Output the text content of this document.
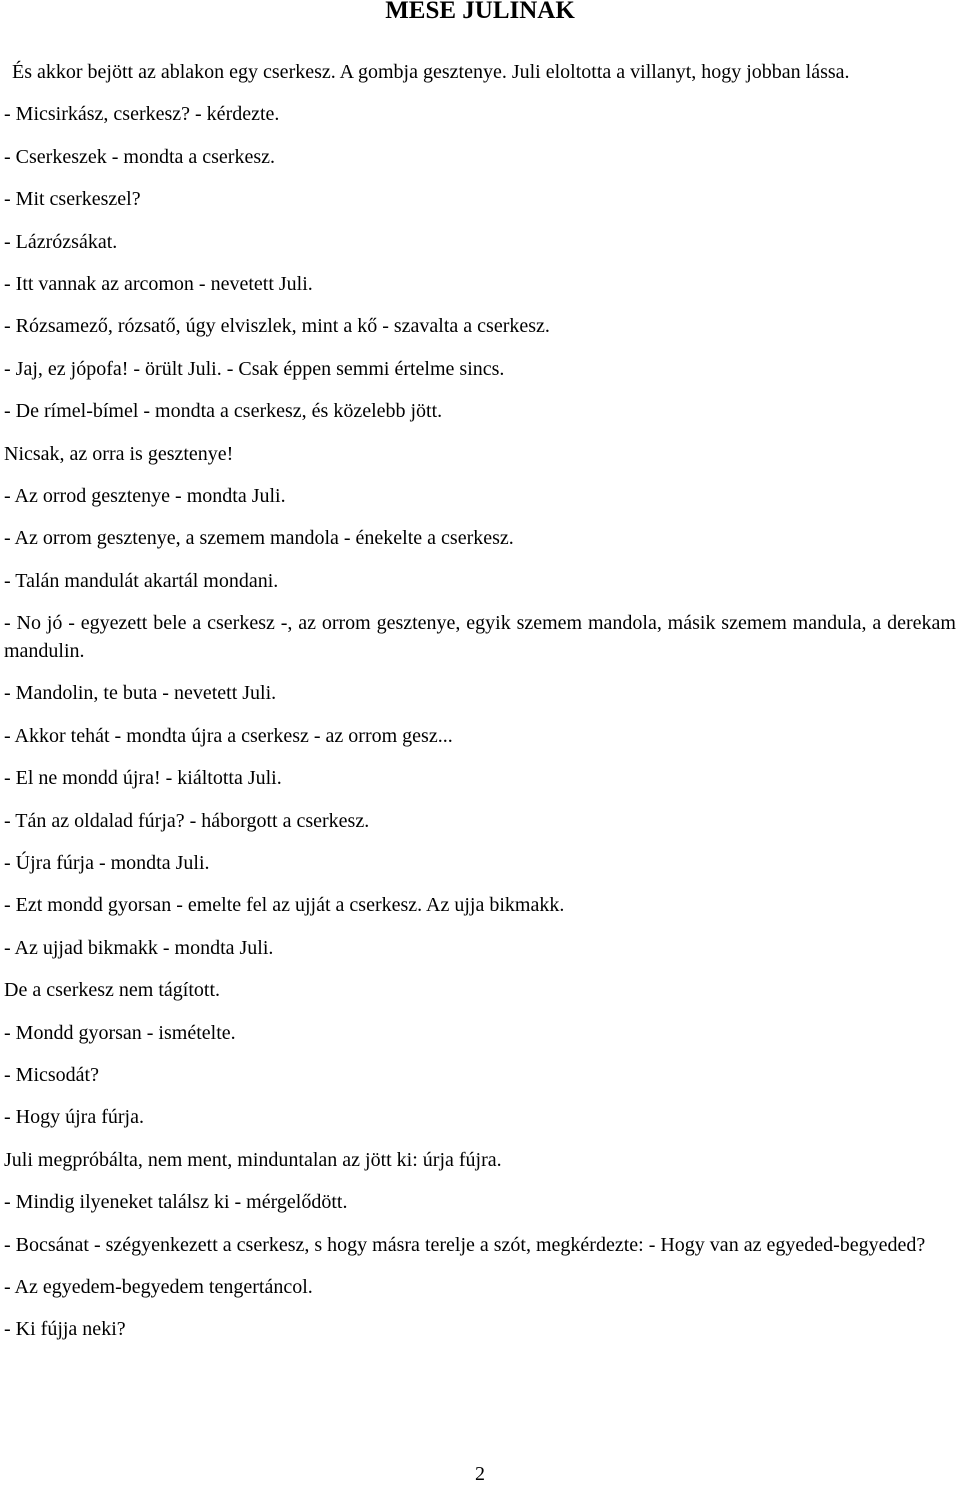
MESE JULINAK

És akkor bejött az ablakon egy cserkesz. A gombja gesztenye. Juli eloltotta a villanyt, hogy jobban lássa.

- Micsirkász, cserkesz? - kérdezte.

- Cserkeszek - mondta a cserkesz.

- Mit cserkeszel?

- Lázrózsákat.

- Itt vannak az arcomon - nevetett Juli.

- Rózsamező, rózsatő, úgy elviszlek, mint a kő - szavalta a cserkesz.

- Jaj, ez jópofa! - örült Juli. - Csak éppen semmi értelme sincs.

- De rímel-bímel - mondta a cserkesz, és közelebb jött.

Nicsak, az orra is gesztenye!

- Az orrod gesztenye - mondta Juli.

- Az orrom gesztenye, a szemem mandola - énekelte a cserkesz.

- Talán mandulát akartál mondani.

- No jó - egyezett bele a cserkesz -, az orrom gesztenye, egyik szemem mandola, másik szemem mandula, a derekam mandulin.

- Mandolin, te buta - nevetett Juli.

- Akkor tehát - mondta újra a cserkesz - az orrom gesz...

- El ne mondd újra! - kiáltotta Juli.

- Tán az oldalad fúrja? - háborgott a cserkesz.

- Újra fúrja - mondta Juli.

- Ezt mondd gyorsan - emelte fel az ujját a cserkesz. Az ujja bikmakk.

- Az ujjad bikmakk - mondta Juli.

De a cserkesz nem tágított.

- Mondd gyorsan - ismételte.

- Micsodát?

- Hogy újra fúrja.

Juli megpróbálta, nem ment, minduntalan az jött ki: úrja fújra.

- Mindig ilyeneket találsz ki - mérgelődött.

- Bocsánat - szégyenkezett a cserkesz, s hogy másra terelje a szót, megkérdezte: - Hogy van az egyeded-begyeded?

- Az egyedem-begyedem tengertáncol.

- Ki fújja neki?

2
